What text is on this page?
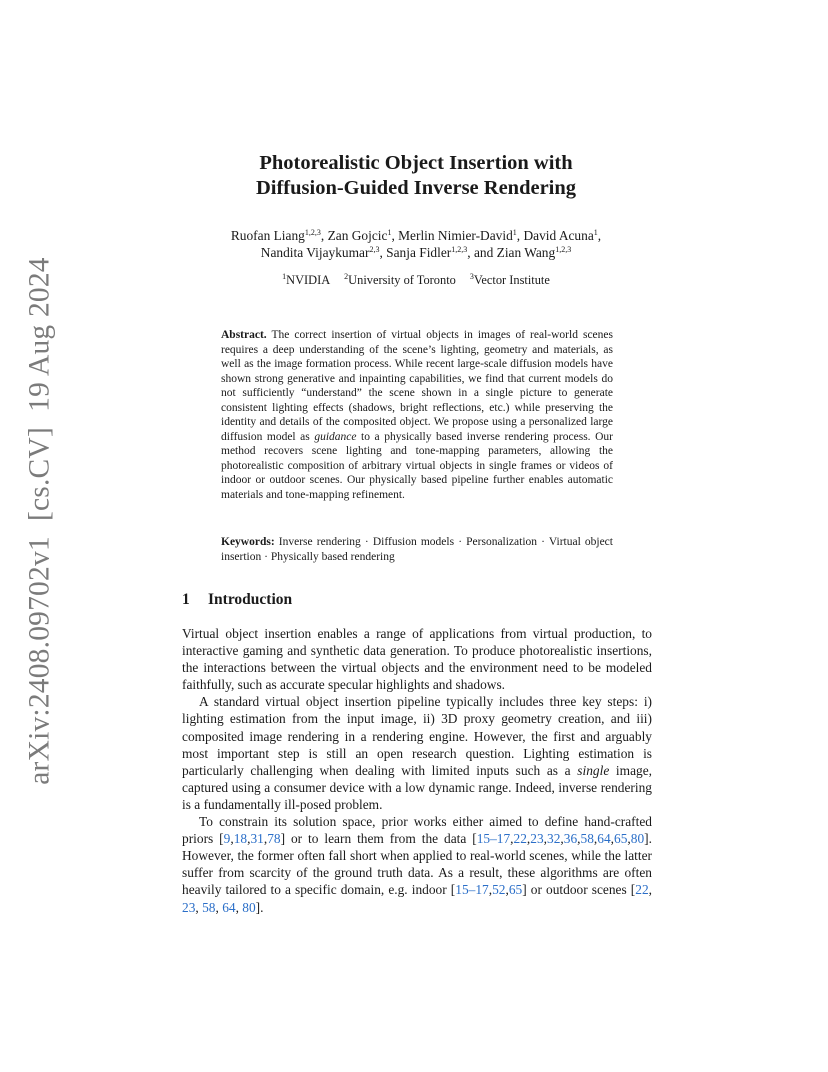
arXiv:2408.09702v1  [cs.CV]  19 Aug 2024
Photorealistic Object Insertion with
Diffusion-Guided Inverse Rendering
Ruofan Liang$^{1,2,3}$, Zan Gojcic$^1$, Merlin Nimier-David$^1$, David Acuna$^1$,
Nandita Vijaykumar$^{2,3}$, Sanja Fidler$^{1,2,3}$, and Zian Wang$^{1,2,3}$
$^1$NVIDIA $^2$University of Toronto $^3$Vector Institute
Abstract. The correct insertion of virtual objects in images of real-world scenes requires a deep understanding of the scene’s lighting, geometry and materials, as well as the image formation process. While recent large-scale diffusion models have shown strong generative and inpainting capabilities, we find that current models do not sufficiently “understand” the scene shown in a single picture to generate consistent lighting effects (shadows, bright reflections, etc.) while preserving the identity and details of the composited object. We propose using a personalized large diffusion model as guidance to a physically based inverse rendering process. Our method recovers scene lighting and tone-mapping parameters, allowing the photorealistic composition of arbitrary virtual objects in single frames or videos of indoor or outdoor scenes. Our physically based pipeline further enables automatic materials and tone-mapping refinement.
Keywords: Inverse rendering · Diffusion models · Personalization · Virtual object insertion · Physically based rendering
1 Introduction

Virtual object insertion enables a range of applications from virtual production, to interactive gaming and synthetic data generation. To produce photorealistic insertions, the interactions between the virtual objects and the environment need to be modeled faithfully, such as accurate specular highlights and shadows.

A standard virtual object insertion pipeline typically includes three key steps: i) lighting estimation from the input image, ii) 3D proxy geometry creation, and iii) composited image rendering in a rendering engine. However, the first and arguably most important step is still an open research question. Lighting estimation is particularly challenging when dealing with limited inputs such as a single image, captured using a consumer device with a low dynamic range. Indeed, inverse rendering is a fundamentally ill-posed problem.

To constrain its solution space, prior works either aimed to define hand-crafted priors [9,18,31,78] or to learn them from the data [15–17,22,23,32,36,58,64,65,80]. However, the former often fall short when applied to real-world scenes, while the latter suffer from scarcity of the ground truth data. As a result, these algorithms are often heavily tailored to a specific domain, e.g. indoor [15–17,52,65] or outdoor scenes [22, 23, 58, 64, 80].
